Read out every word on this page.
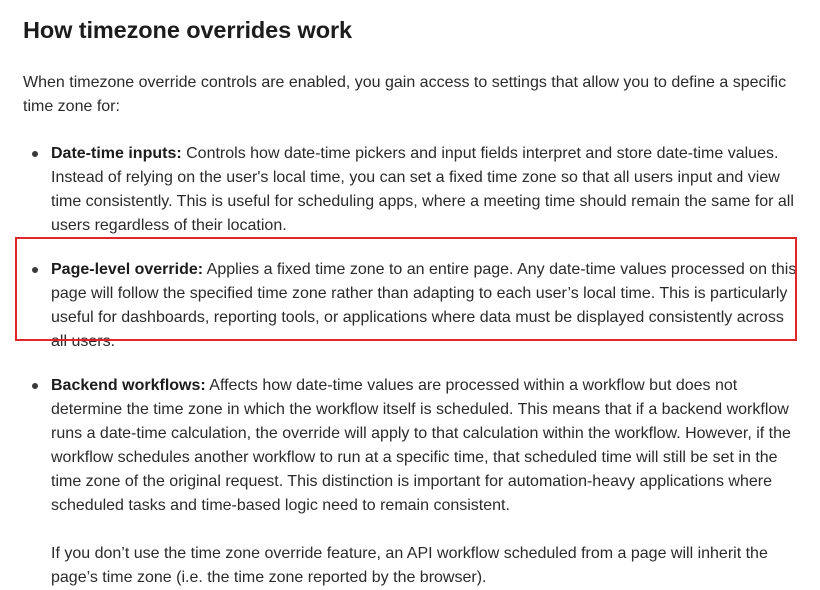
How timezone overrides work

When timezone override controls are enabled, you gain access to settings that allow you to define a specific time zone for:

Date-time inputs: Controls how date-time pickers and input fields interpret and store date-time values. Instead of relying on the user's local time, you can set a fixed time zone so that all users input and view time consistently. This is useful for scheduling apps, where a meeting time should remain the same for all users regardless of their location.
Page-level override: Applies a fixed time zone to an entire page. Any date-time values processed on this page will follow the specified time zone rather than adapting to each user’s local time. This is particularly useful for dashboards, reporting tools, or applications where data must be displayed consistently across all users.
Backend workflows: Affects how date-time values are processed within a workflow but does not determine the time zone in which the workflow itself is scheduled. This means that if a backend workflow runs a date-time calculation, the override will apply to that calculation within the workflow. However, if the workflow schedules another workflow to run at a specific time, that scheduled time will still be set in the time zone of the original request. This distinction is important for automation-heavy applications where scheduled tasks and time-based logic need to remain consistent.

If you don’t use the time zone override feature, an API workflow scheduled from a page will inherit the page’s time zone (i.e. the time zone reported by the browser).
